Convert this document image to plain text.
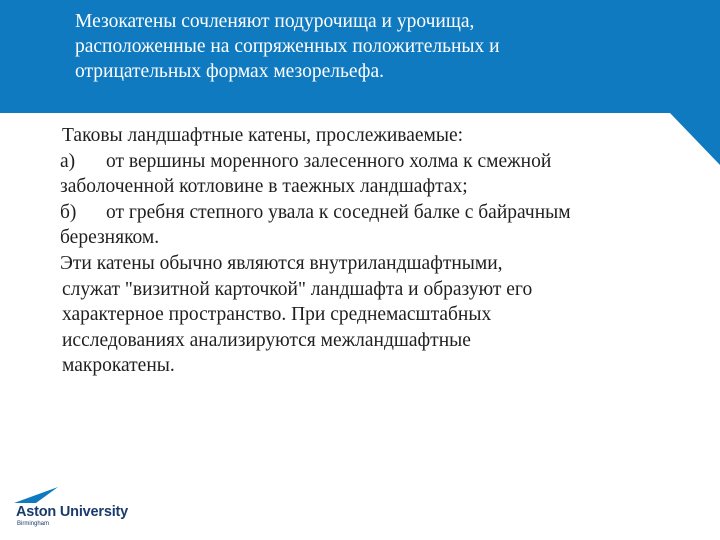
Мезокатены сочленяют подурочища и урочища,
расположенные на сопряженных положительных и
отрицательных формах мезорельефа.
Таковы ландшафтные катены, прослеживаемые:
а) от вершины моренного залесенного холма к смежной
заболоченной котловине в таежных ландшафтах;
б) от гребня степного увала к соседней балке с байрачным
березняком.
Эти катены обычно являются внутриландшафтными,
служат "визитной карточкой" ландшафта и образуют его
характерное пространство. При среднемасштабных
исследованиях анализируются межландшафтные
макрокатены.
Aston University
Birmingham
